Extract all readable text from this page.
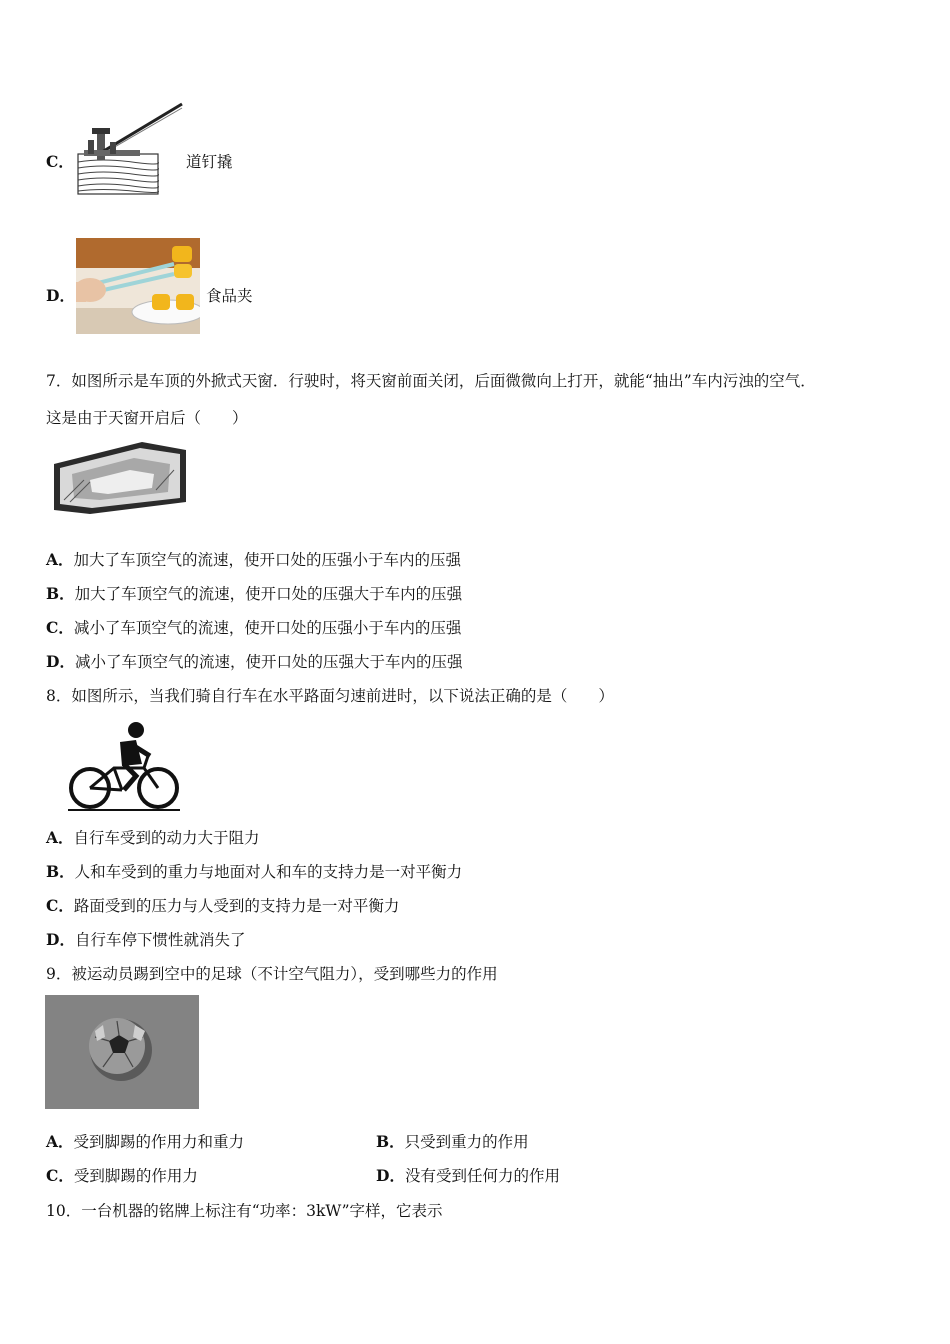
C．	道钉撬
D．	食品夹
7．如图所示是车顶的外掀式天窗．行驶时，将天窗前面关闭，后面微微向上打开，就能“抽出”车内污浊的空气．
这是由于天窗开启后（　　）
A．加大了车顶空气的流速，使开口处的压强小于车内的压强
B．加大了车顶空气的流速，使开口处的压强大于车内的压强
C．减小了车顶空气的流速，使开口处的压强小于车内的压强
D．减小了车顶空气的流速，使开口处的压强大于车内的压强
8．如图所示，当我们骑自行车在水平路面匀速前进时，以下说法正确的是（　　）
A．自行车受到的动力大于阻力
B．人和车受到的重力与地面对人和车的支持力是一对平衡力
C．路面受到的压力与人受到的支持力是一对平衡力
D．自行车停下惯性就消失了
9．被运动员踢到空中的足球（不计空气阻力），受到哪些力的作用
A．受到脚踢的作用力和重力	B．只受到重力的作用
C．受到脚踢的作用力	D．没有受到任何力的作用
10．一台机器的铭牌上标注有“功率：3kW”字样，它表示
